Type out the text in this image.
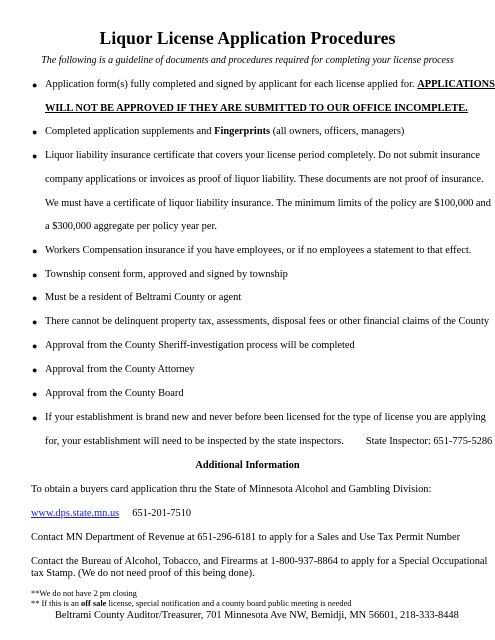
Liquor License Application Procedures
The following is a guideline of documents and procedures required for completing your license process
● Application form(s) fully completed and signed by applicant for each license applied for. APPLICATIONS
WILL NOT BE APPROVED IF THEY ARE SUBMITTED TO OUR OFFICE INCOMPLETE.
● Completed application supplements and Fingerprints (all owners, officers, managers)
● Liquor liability insurance certificate that covers your license period completely. Do not submit insurance
company applications or invoices as proof of liquor liability. These documents are not proof of insurance.
We must have a certificate of liquor liability insurance. The minimum limits of the policy are $100,000 and
a $300,000 aggregate per policy year per.
● Workers Compensation insurance if you have employees, or if no employees a statement to that effect.
● Township consent form, approved and signed by township
● Must be a resident of Beltrami County or agent
● There cannot be delinquent property tax, assessments, disposal fees or other financial claims of the County
● Approval from the County Sheriff-investigation process will be completed
● Approval from the County Attorney
● Approval from the County Board
● If your establishment is brand new and never before been licensed for the type of license you are applying
for, your establishment will need to be inspected by the state inspectors. State Inspector: 651-775-5286
Additional Information
To obtain a buyers card application thru the State of Minnesota Alcohol and Gambling Division:
www.dps.state.mn.us 651-201-7510
Contact MN Department of Revenue at 651-296-6181 to apply for a Sales and Use Tax Permit Number
Contact the Bureau of Alcohol, Tobacco, and Firearms at 1-800-937-8864 to apply for a Special Occupational
tax Stamp. (We do not need proof of this being done).
**We do not have 2 pm closing
** If this is an off sale license, special notification and a county board public meeting is needed
Beltrami County Auditor/Treasurer, 701 Minnesota Ave NW, Bemidji, MN 56601, 218-333-8448
